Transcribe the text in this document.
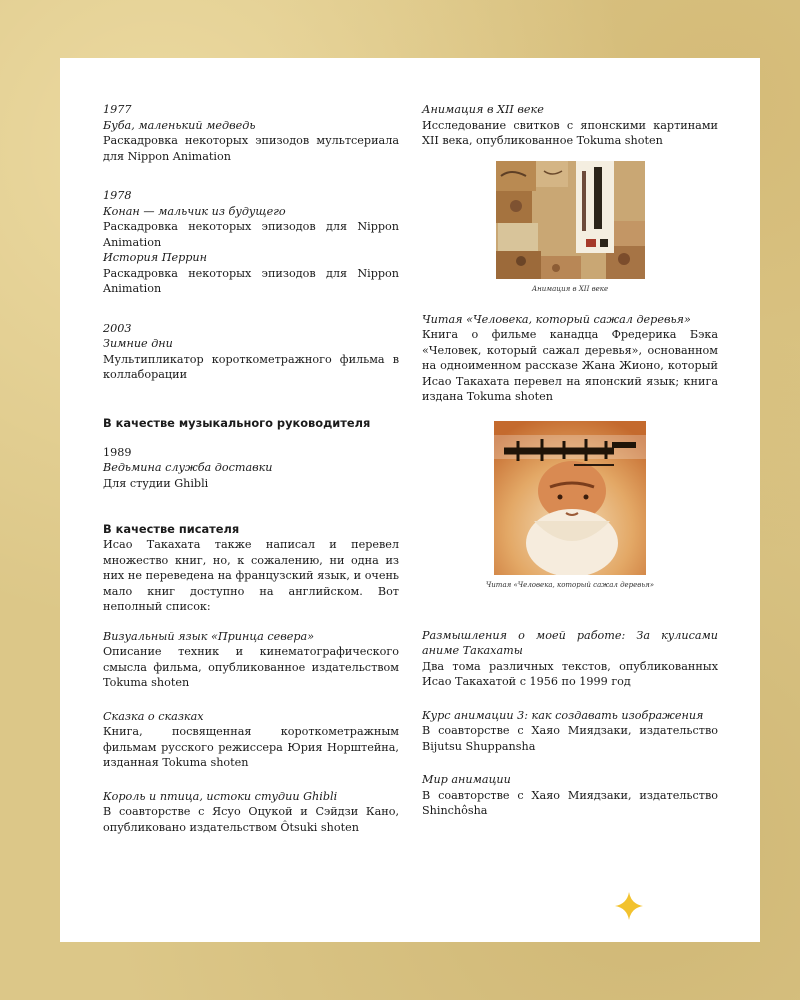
1977

Буба, маленький медведь

Раскадровка некоторых эпизодов мультсериала для Nippon Animation

1978

Конан — мальчик из будущего

Раскадровка некоторых эпизодов для Nippon Animation

История Перрин

Раскадровка некоторых эпизодов для Nippon Animation

2003

Зимние дни

Мультипликатор короткометражного фильма в коллаборации

В качестве музыкального руководителя

1989

Ведьмина служба доставки

Для студии Ghibli

В качестве писателя

Исао Такахата также написал и перевел множество книг, но, к сожалению, ни одна из них не переведена на французский язык, и очень мало книг доступно на английском. Вот неполный список:

Визуальный язык «Принца севера»

Описание техник и кинематографического смысла фильма, опубликованное издательством Tokuma shoten

Сказка о сказках

Книга, посвященная короткометражным фильмам русского режиссера Юрия Норштейна, изданная Tokuma shoten

Король и птица, истоки студии Ghibli

В соавторстве с Ясуо Оцукой и Сэйдзи Кано, опубликовано издательством Ôtsuki shoten

Анимация в XII веке

Исследование свитков с японскими картинами XII века, опубликованное Tokuma shoten

Анимация в XII веке

Читая «Человека, который сажал деревья»

Книга о фильме канадца Фредерика Бэка «Человек, который сажал деревья», основанном на одноименном рассказе Жана Жионо, который Исао Такахата перевел на японский язык; книга издана Tokuma shoten

Читая «Человека, который сажал деревья»

Размышления о моей работе: За кулисами аниме Такахаты

Два тома различных текстов, опубликованных Исао Такахатой с 1956 по 1999 год

Курс анимации 3: как создавать изображения

В соавторстве с Хаяо Миядзаки, издательство Bijutsu Shuppansha

Мир анимации

В соавторстве с Хаяо Миядзаки, издательство Shinchôsha
